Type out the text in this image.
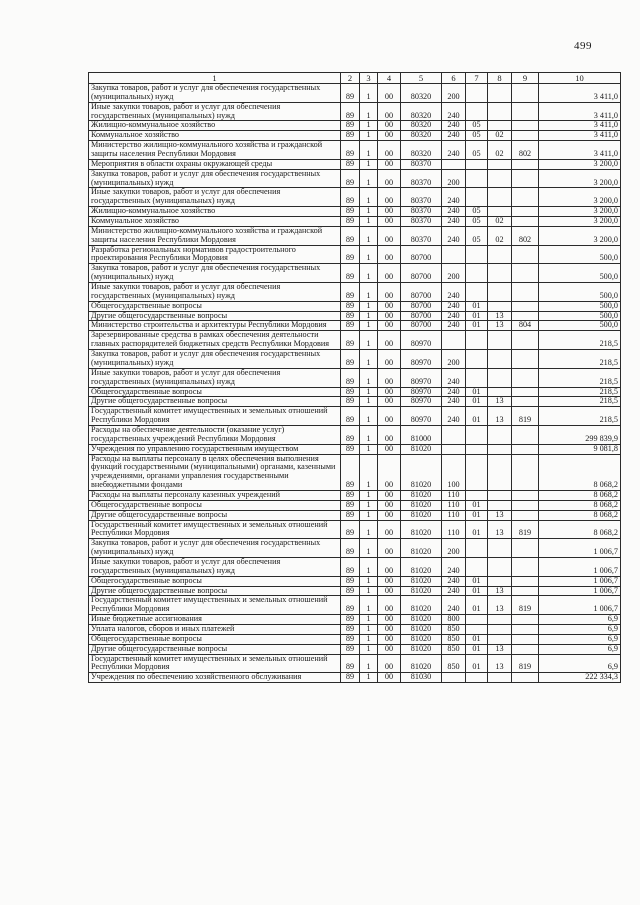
499
1	2	3	4	5	6	7	8	9	10
Закупка товаров, работ и услуг для обеспечения государственных (муниципальных) нужд	89	1	00	80320	200				3 411,0
Иные закупки товаров, работ и услуг для обеспечения государственных (муниципальных) нужд	89	1	00	80320	240				3 411,0
Жилищно-коммунальное хозяйство	89	1	00	80320	240	05			3 411,0
Коммунальное хозяйство	89	1	00	80320	240	05	02		3 411,0
Министерство жилищно-коммунального хозяйства и гражданской защиты населения Республики Мордовия	89	1	00	80320	240	05	02	802	3 411,0
Мероприятия в области охраны окружающей среды	89	1	00	80370					3 200,0
Закупка товаров, работ и услуг для обеспечения государственных (муниципальных) нужд	89	1	00	80370	200				3 200,0
Иные закупки товаров, работ и услуг для обеспечения государственных (муниципальных) нужд	89	1	00	80370	240				3 200,0
Жилищно-коммунальное хозяйство	89	1	00	80370	240	05			3 200,0
Коммунальное хозяйство	89	1	00	80370	240	05	02		3 200,0
Министерство жилищно-коммунального хозяйства и гражданской защиты населения Республики Мордовия	89	1	00	80370	240	05	02	802	3 200,0
Разработка региональных нормативов градостроительного проектирования Республики Мордовия	89	1	00	80700					500,0
Закупка товаров, работ и услуг для обеспечения государственных (муниципальных) нужд	89	1	00	80700	200				500,0
Иные закупки товаров, работ и услуг для обеспечения государственных (муниципальных) нужд	89	1	00	80700	240				500,0
Общегосударственные вопросы	89	1	00	80700	240	01			500,0
Другие общегосударственные вопросы	89	1	00	80700	240	01	13		500,0
Министерство строительства и архитектуры Республики Мордовия	89	1	00	80700	240	01	13	804	500,0
Зарезервированные средства в рамках обеспечения деятельности главных распорядителей бюджетных средств Республики Мордовия	89	1	00	80970					218,5
Закупка товаров, работ и услуг для обеспечения государственных (муниципальных) нужд	89	1	00	80970	200				218,5
Иные закупки товаров, работ и услуг для обеспечения государственных (муниципальных) нужд	89	1	00	80970	240				218,5
Общегосударственные вопросы	89	1	00	80970	240	01			218,5
Другие общегосударственные вопросы	89	1	00	80970	240	01	13		218,5
Государственный комитет имущественных и земельных отношений Республики Мордовия	89	1	00	80970	240	01	13	819	218,5
Расходы на обеспечение деятельности (оказание услуг) государственных учреждений Республики Мордовия	89	1	00	81000					299 839,9
Учреждения по управлению государственным имуществом	89	1	00	81020					9 081,8
Расходы на выплаты персоналу в целях обеспечения выполнения функций государственными (муниципальными) органами, казенными учреждениями, органами управления государственными внебюджетными фондами	89	1	00	81020	100				8 068,2
Расходы на выплаты персоналу казенных учреждений	89	1	00	81020	110				8 068,2
Общегосударственные вопросы	89	1	00	81020	110	01			8 068,2
Другие общегосударственные вопросы	89	1	00	81020	110	01	13		8 068,2
Государственный комитет имущественных и земельных отношений Республики Мордовия	89	1	00	81020	110	01	13	819	8 068,2
Закупка товаров, работ и услуг для обеспечения государственных (муниципальных) нужд	89	1	00	81020	200				1 006,7
Иные закупки товаров, работ и услуг для обеспечения государственных (муниципальных) нужд	89	1	00	81020	240				1 006,7
Общегосударственные вопросы	89	1	00	81020	240	01			1 006,7
Другие общегосударственные вопросы	89	1	00	81020	240	01	13		1 006,7
Государственный комитет имущественных и земельных отношений Республики Мордовия	89	1	00	81020	240	01	13	819	1 006,7
Иные бюджетные ассигнования	89	1	00	81020	800				6,9
Уплата налогов, сборов и иных платежей	89	1	00	81020	850				6,9
Общегосударственные вопросы	89	1	00	81020	850	01			6,9
Другие общегосударственные вопросы	89	1	00	81020	850	01	13		6,9
Государственный комитет имущественных и земельных отношений Республики Мордовия	89	1	00	81020	850	01	13	819	6,9
Учреждения по обеспечению хозяйственного обслуживания	89	1	00	81030					222 334,3
